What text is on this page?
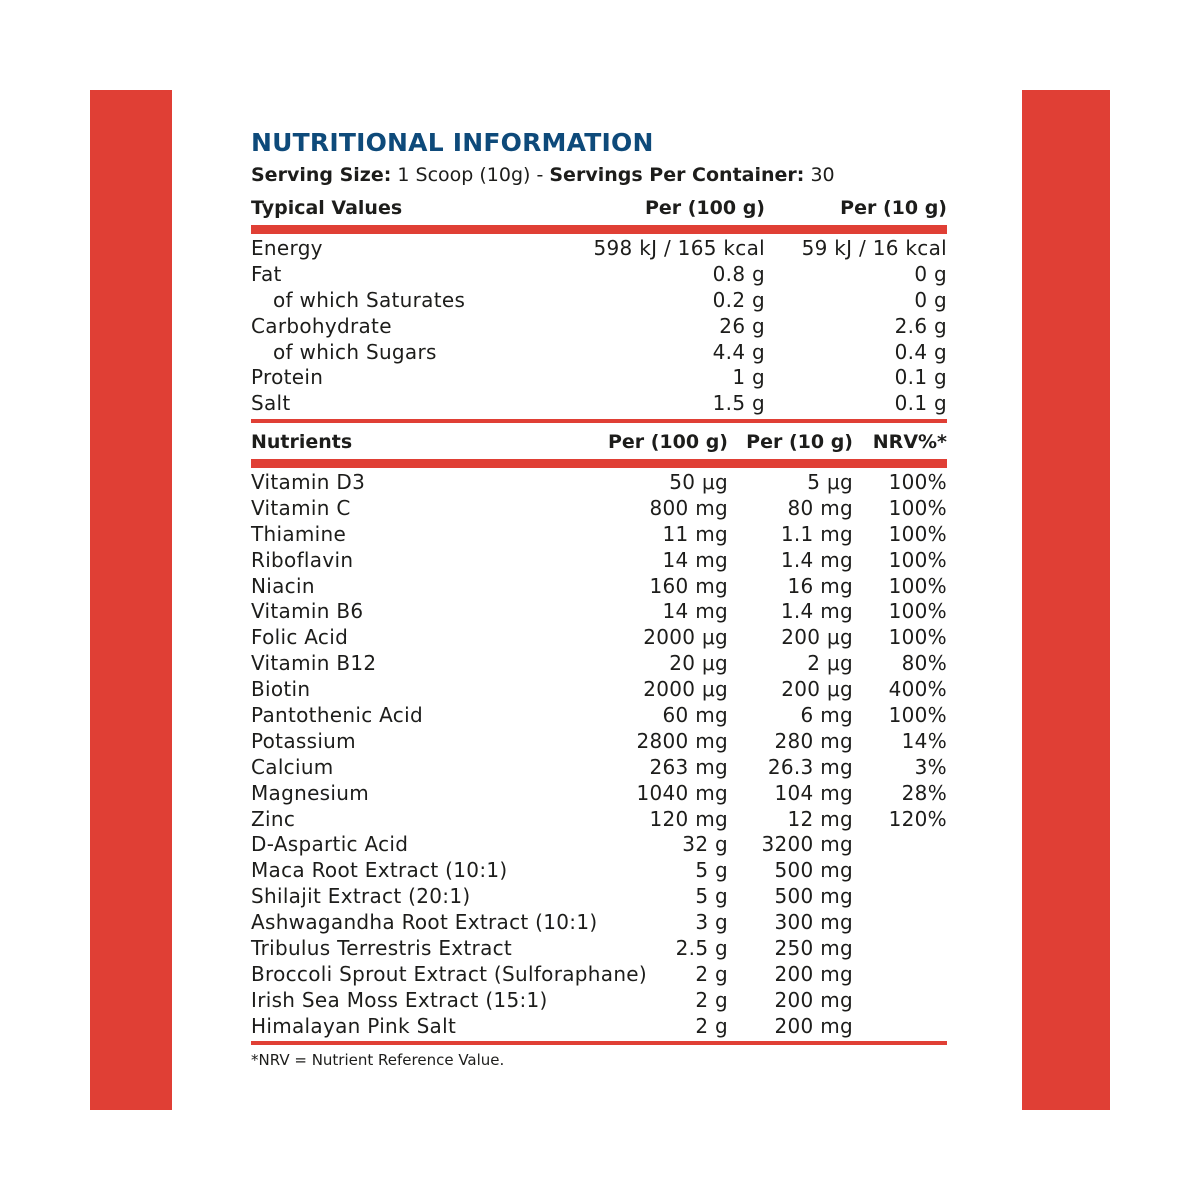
NUTRITIONAL INFORMATION
Serving Size: 1 Scoop (10g) - Servings Per Container: 30
Typical Values	Per (100 g)	Per (10 g)
Energy	598 kJ / 165 kcal 59 kJ / 16 kcal
Fat	0.8 g	0 g
of which Saturates	0.2 g	0 g
Carbohydrate	26 g	2.6 g
of which Sugars	4.4 g	0.4 g
Protein	1 g	0.1 g
Salt	1.5 g	0.1 g
Nutrients	Per (100 g) Per (10 g) NRV%*
Vitamin D3	50 μg	5 μg 100%
Vitamin C	800 mg	80 mg 100%
Thiamine	11 mg	1.1 mg 100%
Riboflavin	14 mg	1.4 mg 100%
Niacin	160 mg	16 mg 100%
Vitamin B6	14 mg	1.4 mg 100%
Folic Acid	2000 μg	200 μg 100%
Vitamin B12	20 μg	2 μg 80%
Biotin	2000 μg	200 μg 400%
Pantothenic Acid	60 mg	6 mg 100%
Potassium	2800 mg 280 mg 14%
Calcium	263 mg 26.3 mg	3%
Magnesium	1040 mg 104 mg 28%
Zinc	120 mg	12 mg 120%
D-Aspartic Acid	32 g 3200 mg
Maca Root Extract (10:1)	5 g 500 mg
Shilajit Extract (20:1)	5 g 500 mg
Ashwagandha Root Extract (10:1)	3 g 300 mg
Tribulus Terrestris Extract	2.5 g 250 mg
Broccoli Sprout Extract (Sulforaphane) 2 g 200 mg
Irish Sea Moss Extract (15:1)	2 g 200 mg
Himalayan Pink Salt	2 g 200 mg
*NRV = Nutrient Reference Value.
